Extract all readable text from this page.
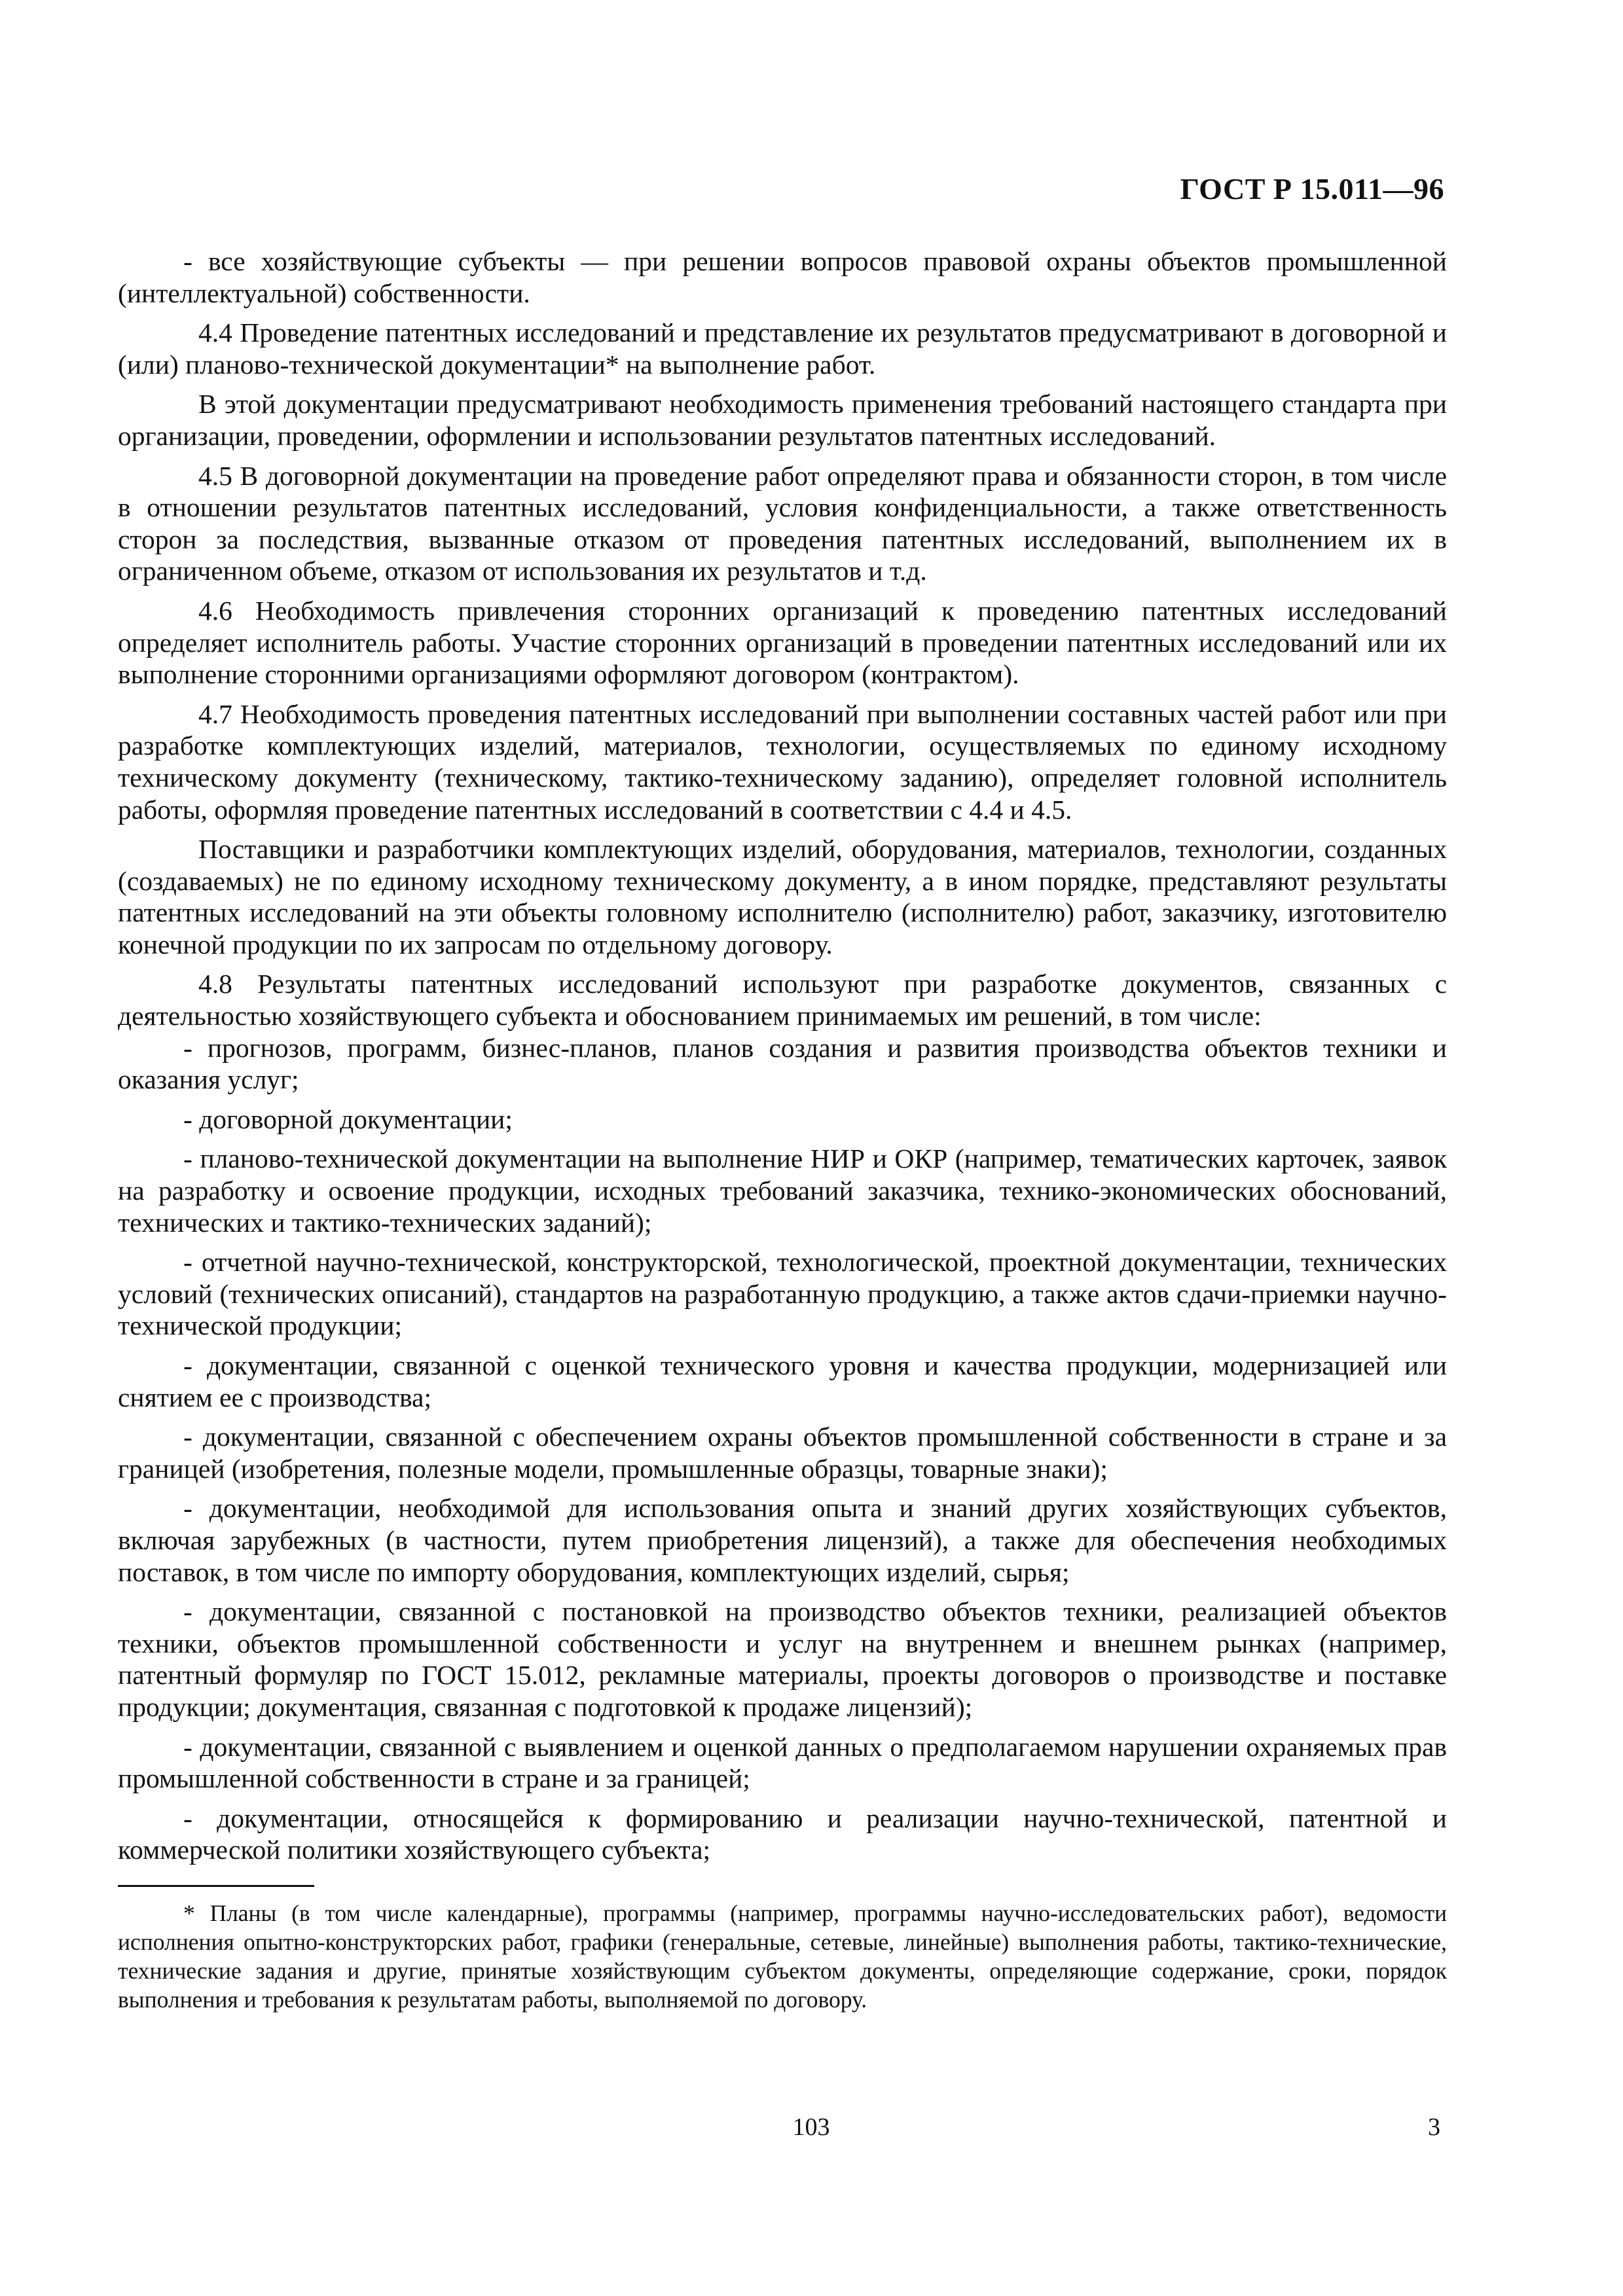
ГОСТ Р 15.011—96

- все хозяйствующие субъекты — при решении вопросов правовой охраны объектов промышленной (интеллектуальной) собственности.

4.4 Проведение патентных исследований и представление их результатов предусматривают в договорной и (или) планово-технической документации* на выполнение работ.

В этой документации предусматривают необходимость применения требований настоящего стандарта при организации, проведении, оформлении и использовании результатов патентных исследований.

4.5 В договорной документации на проведение работ определяют права и обязанности сторон, в том числе в отношении результатов патентных исследований, условия конфиденциальности, а также ответственность сторон за последствия, вызванные отказом от проведения патентных исследований, выполнением их в ограниченном объеме, отказом от использования их результатов и т.д.

4.6 Необходимость привлечения сторонних организаций к проведению патентных исследований определяет исполнитель работы. Участие сторонних организаций в проведении патентных исследований или их выполнение сторонними организациями оформляют договором (контрактом).

4.7 Необходимость проведения патентных исследований при выполнении составных частей работ или при разработке комплектующих изделий, материалов, технологии, осуществляемых по единому исходному техническому документу (техническому, тактико-техническому заданию), определяет головной исполнитель работы, оформляя проведение патентных исследований в соответствии с 4.4 и 4.5.

Поставщики и разработчики комплектующих изделий, оборудования, материалов, технологии, созданных (создаваемых) не по единому исходному техническому документу, а в ином порядке, представляют результаты патентных исследований на эти объекты головному исполнителю (исполнителю) работ, заказчику, изготовителю конечной продукции по их запросам по отдельному договору.

4.8 Результаты патентных исследований используют при разработке документов, связанных с деятельностью хозяйствующего субъекта и обоснованием принимаемых им решений, в том числе:

- прогнозов, программ, бизнес-планов, планов создания и развития производства объектов техники и оказания услуг;

- договорной документации;

- планово-технической документации на выполнение НИР и ОКР (например, тематических карточек, заявок на разработку и освоение продукции, исходных требований заказчика, технико-экономических обоснований, технических и тактико-технических заданий);

- отчетной научно-технической, конструкторской, технологической, проектной документации, технических условий (технических описаний), стандартов на разработанную продукцию, а также актов сдачи-приемки научно-технической продукции;

- документации, связанной с оценкой технического уровня и качества продукции, модернизацией или снятием ее с производства;

- документации, связанной с обеспечением охраны объектов промышленной собственности в стране и за границей (изобретения, полезные модели, промышленные образцы, товарные знаки);

- документации, необходимой для использования опыта и знаний других хозяйствующих субъектов, включая зарубежных (в частности, путем приобретения лицензий), а также для обеспечения необходимых поставок, в том числе по импорту оборудования, комплектующих изделий, сырья;

- документации, связанной с постановкой на производство объектов техники, реализацией объектов техники, объектов промышленной собственности и услуг на внутреннем и внешнем рынках (например, патентный формуляр по ГОСТ 15.012, рекламные материалы, проекты договоров о производстве и поставке продукции; документация, связанная с подготовкой к продаже лицензий);

- документации, связанной с выявлением и оценкой данных о предполагаемом нарушении охраняемых прав промышленной собственности в стране и за границей;

- документации, относящейся к формированию и реализации научно-технической, патентной и коммерческой политики хозяйствующего субъекта;

* Планы (в том числе календарные), программы (например, программы научно-исследовательских работ), ведомости исполнения опытно-конструкторских работ, графики (генеральные, сетевые, линейные) выполнения работы, тактико-технические, технические задания и другие, принятые хозяйствующим субъектом документы, определяющие содержание, сроки, порядок выполнения и требования к результатам работы, выполняемой по договору.

103	3
